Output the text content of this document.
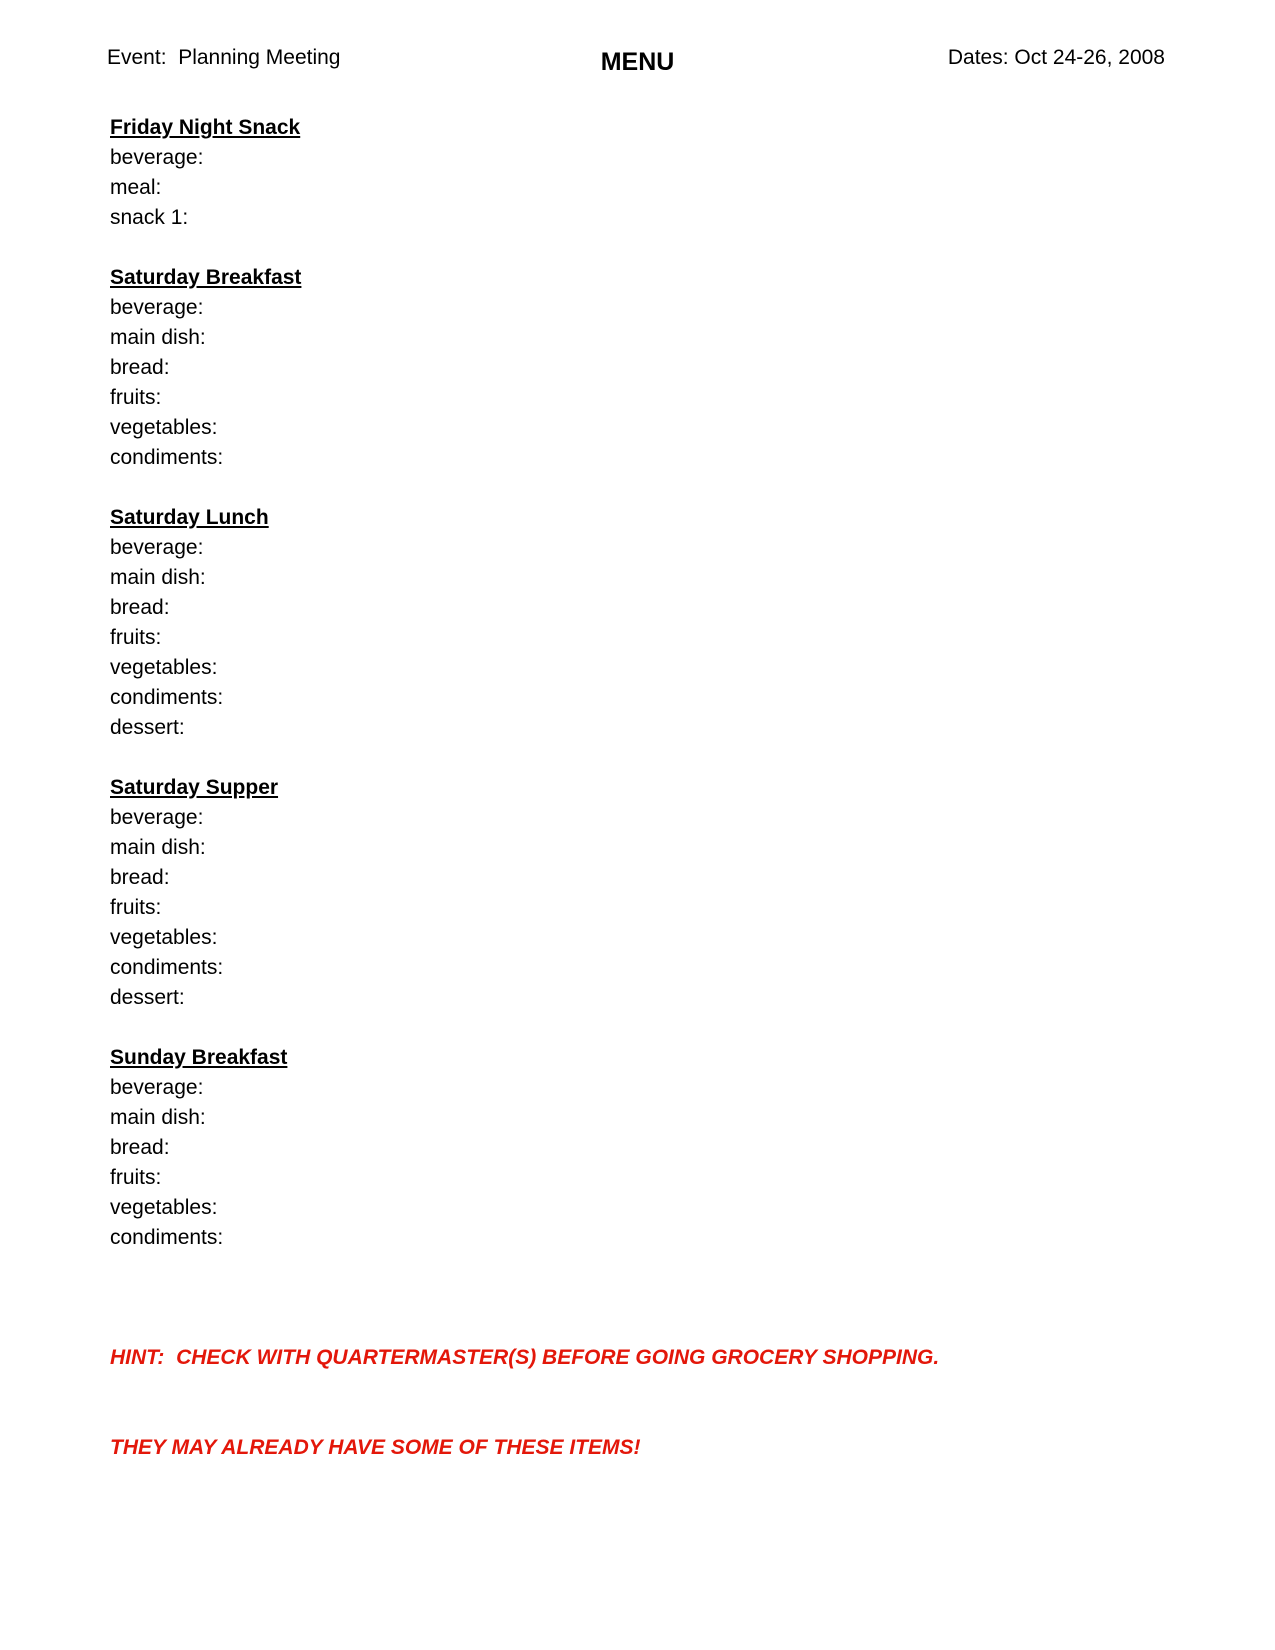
Event:  Planning Meeting	MENU	Dates: Oct 24-26, 2008
Friday Night Snack
beverage:
meal:
snack 1:
Saturday Breakfast
beverage:
main dish:
bread:
fruits:
vegetables:
condiments:
Saturday Lunch
beverage:
main dish:
bread:
fruits:
vegetables:
condiments:
dessert:
Saturday Supper
beverage:
main dish:
bread:
fruits:
vegetables:
condiments:
dessert:
Sunday Breakfast
beverage:
main dish:
bread:
fruits:
vegetables:
condiments:

HINT:  CHECK WITH QUARTERMASTER(S) BEFORE GOING GROCERY SHOPPING.

THEY MAY ALREADY HAVE SOME OF THESE ITEMS!
